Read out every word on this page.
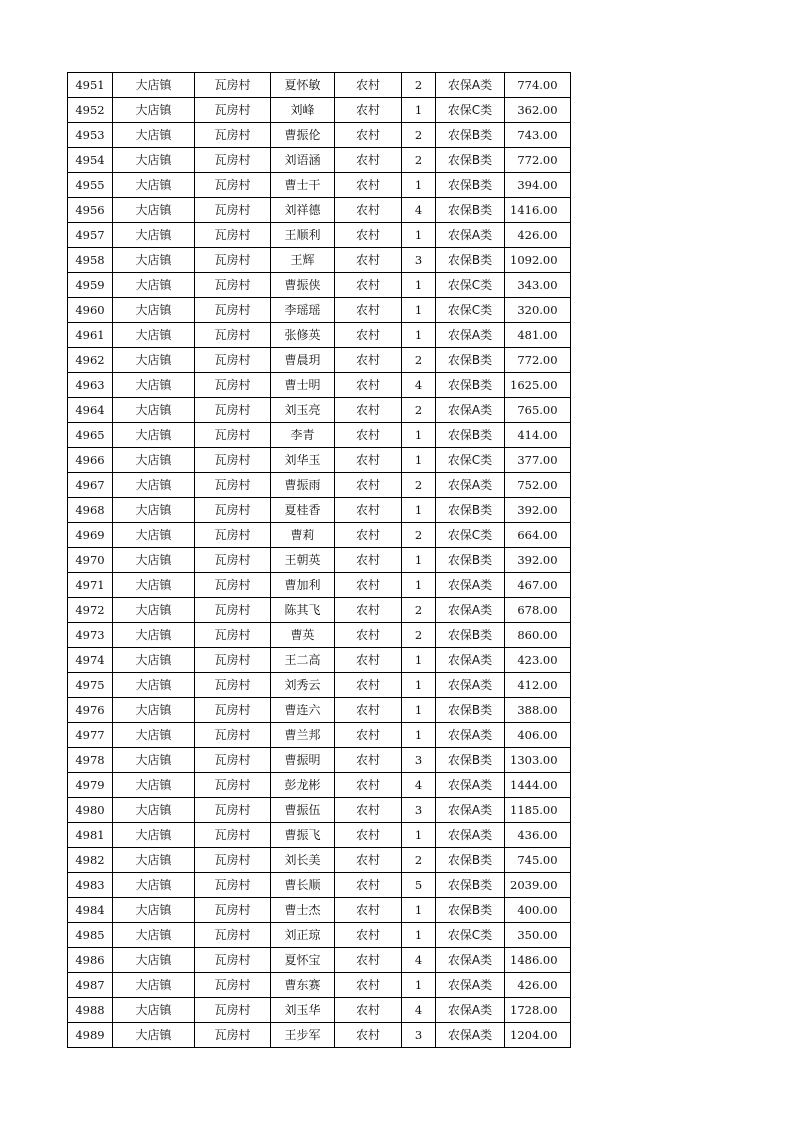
4951	大店镇	瓦房村	夏怀敏	农村	2	农保A类	774.00
4952	大店镇	瓦房村	刘峰	农村	1	农保C类	362.00
4953	大店镇	瓦房村	曹振伦	农村	2	农保B类	743.00
4954	大店镇	瓦房村	刘语涵	农村	2	农保B类	772.00
4955	大店镇	瓦房村	曹士干	农村	1	农保B类	394.00
4956	大店镇	瓦房村	刘祥德	农村	4	农保B类	1416.00
4957	大店镇	瓦房村	王顺利	农村	1	农保A类	426.00
4958	大店镇	瓦房村	王辉	农村	3	农保B类	1092.00
4959	大店镇	瓦房村	曹振侠	农村	1	农保C类	343.00
4960	大店镇	瓦房村	李瑶瑶	农村	1	农保C类	320.00
4961	大店镇	瓦房村	张修英	农村	1	农保A类	481.00
4962	大店镇	瓦房村	曹晨玥	农村	2	农保B类	772.00
4963	大店镇	瓦房村	曹士明	农村	4	农保B类	1625.00
4964	大店镇	瓦房村	刘玉亮	农村	2	农保A类	765.00
4965	大店镇	瓦房村	李青	农村	1	农保B类	414.00
4966	大店镇	瓦房村	刘华玉	农村	1	农保C类	377.00
4967	大店镇	瓦房村	曹振雨	农村	2	农保A类	752.00
4968	大店镇	瓦房村	夏桂香	农村	1	农保B类	392.00
4969	大店镇	瓦房村	曹莉	农村	2	农保C类	664.00
4970	大店镇	瓦房村	王朝英	农村	1	农保B类	392.00
4971	大店镇	瓦房村	曹加利	农村	1	农保A类	467.00
4972	大店镇	瓦房村	陈其飞	农村	2	农保A类	678.00
4973	大店镇	瓦房村	曹英	农村	2	农保B类	860.00
4974	大店镇	瓦房村	王二高	农村	1	农保A类	423.00
4975	大店镇	瓦房村	刘秀云	农村	1	农保A类	412.00
4976	大店镇	瓦房村	曹连六	农村	1	农保B类	388.00
4977	大店镇	瓦房村	曹兰邦	农村	1	农保A类	406.00
4978	大店镇	瓦房村	曹振明	农村	3	农保B类	1303.00
4979	大店镇	瓦房村	彭龙彬	农村	4	农保A类	1444.00
4980	大店镇	瓦房村	曹振伍	农村	3	农保A类	1185.00
4981	大店镇	瓦房村	曹振飞	农村	1	农保A类	436.00
4982	大店镇	瓦房村	刘长美	农村	2	农保B类	745.00
4983	大店镇	瓦房村	曹长顺	农村	5	农保B类	2039.00
4984	大店镇	瓦房村	曹士杰	农村	1	农保B类	400.00
4985	大店镇	瓦房村	刘正琼	农村	1	农保C类	350.00
4986	大店镇	瓦房村	夏怀宝	农村	4	农保A类	1486.00
4987	大店镇	瓦房村	曹东赛	农村	1	农保A类	426.00
4988	大店镇	瓦房村	刘玉华	农村	4	农保A类	1728.00
4989	大店镇	瓦房村	王步军	农村	3	农保A类	1204.00
